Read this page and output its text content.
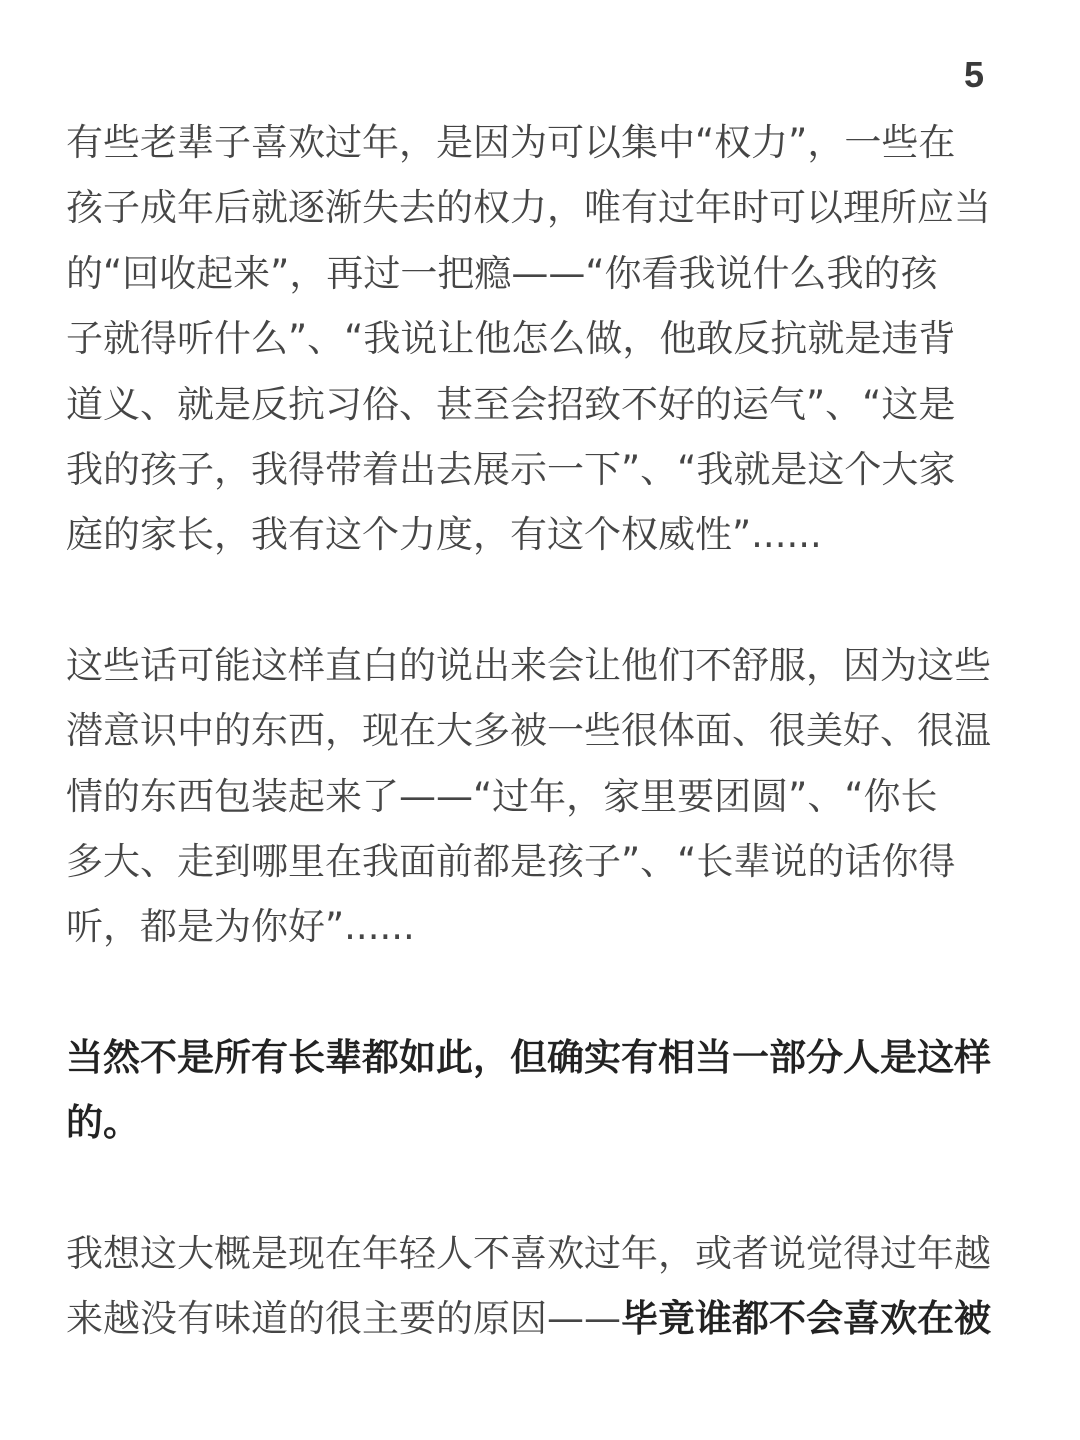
5

有些老辈子喜欢过年，是因为可以集中“权力”，一些在
孩子成年后就逐渐失去的权力，唯有过年时可以理所应当
的“回收起来”，再过一把瘾——“你看我说什么我的孩
子就得听什么”、“我说让他怎么做，他敢反抗就是违背
道义、就是反抗习俗、甚至会招致不好的运气”、“这是
我的孩子，我得带着出去展示一下”、“我就是这个大家
庭的家长，我有这个力度，有这个权威性”......

这些话可能这样直白的说出来会让他们不舒服，因为这些
潜意识中的东西，现在大多被一些很体面、很美好、很温
情的东西包装起来了——“过年，家里要团圆”、“你长
多大、走到哪里在我面前都是孩子”、“长辈说的话你得
听，都是为你好”......

当然不是所有长辈都如此，但确实有相当一部分人是这样
的。

我想这大概是现在年轻人不喜欢过年，或者说觉得过年越
来越没有味道的很主要的原因——毕竟谁都不会喜欢在被
